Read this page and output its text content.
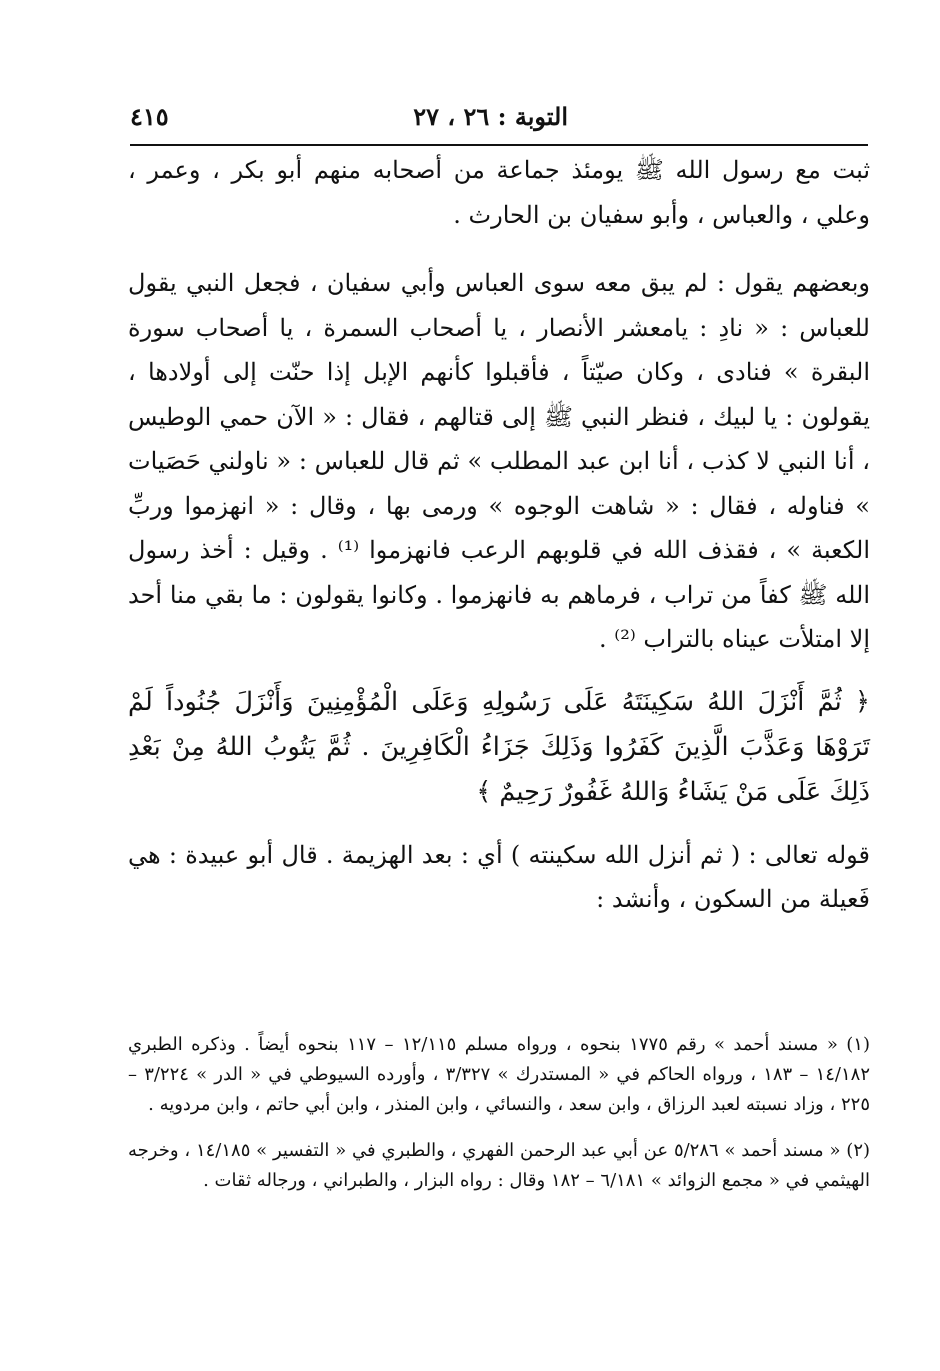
التوبة : ٢٦ ، ٢٧
٤١٥

ثبت مع رسول الله ﷺ يومئذ جماعة من أصحابه منهم أبو بكر ، وعمر ، وعلي ، والعباس ، وأبو سفيان بن الحارث .

وبعضهم يقول : لم يبق معه سوى العباس وأبي سفيان ، فجعل النبي يقول للعباس : « نادِ : يامعشر الأنصار ، يا أصحاب السمرة ، يا أصحاب سورة البقرة » فنادى ، وكان صيّتاً ، فأقبلوا كأنهم الإبل إذا حنّت إلى أولادها ، يقولون : يا لبيك ، فنظر النبي ﷺ إلى قتالهم ، فقال : « الآن حمي الوطيس ، أنا النبي لا كذب ، أنا ابن عبد المطلب » ثم قال للعباس : « ناولني حَصَيات » فناوله ، فقال : « شاهت الوجوه » ورمى بها ، وقال : « انهزموا وربِّ الكعبة » ، فقذف الله في قلوبهم الرعب فانهزموا ⁽¹⁾ . وقيل : أخذ رسول الله ﷺ كفاً من تراب ، فرماهم به فانهزموا . وكانوا يقولون : ما بقي منا أحد إلا امتلأت عيناه بالتراب ⁽²⁾ .

﴿ ثُمَّ أَنْزَلَ اللهُ سَكِينَتَهُ عَلَى رَسُولِهِ وَعَلَى الْمُؤْمِنِينَ وَأَنْزَلَ جُنُوداً لَمْ تَرَوْهَا وَعَذَّبَ الَّذِينَ كَفَرُوا وَذَلِكَ جَزَاءُ الْكَافِرِينَ . ثُمَّ يَتُوبُ اللهُ مِنْ بَعْدِ ذَلِكَ عَلَى مَنْ يَشَاءُ وَاللهُ غَفُورٌ رَحِيمٌ ﴾

قوله تعالى : ( ثم أنزل الله سكينته ) أي : بعد الهزيمة . قال أبو عبيدة : هي فَعيلة من السكون ، وأنشد :

(١) « مسند أحمد » رقم ١٧٧٥ بنحوه ، ورواه مسلم ١٢/١١٥ – ١١٧ بنحوه أيضاً . وذكره الطبري ١٤/١٨٢ – ١٨٣ ، ورواه الحاكم في « المستدرك » ٣/٣٢٧ ، وأورده السيوطي في « الدر » ٣/٢٢٤ – ٢٢٥ ، وزاد نسبته لعبد الرزاق ، وابن سعد ، والنسائي ، وابن المنذر ، وابن أبي حاتم ، وابن مردويه .

(٢) « مسند أحمد » ٥/٢٨٦ عن أبي عبد الرحمن الفهري ، والطبري في « التفسير » ١٤/١٨٥ ، وخرجه الهيثمي في « مجمع الزوائد » ٦/١٨١ – ١٨٢ وقال : رواه البزار ، والطبراني ، ورجاله ثقات .
